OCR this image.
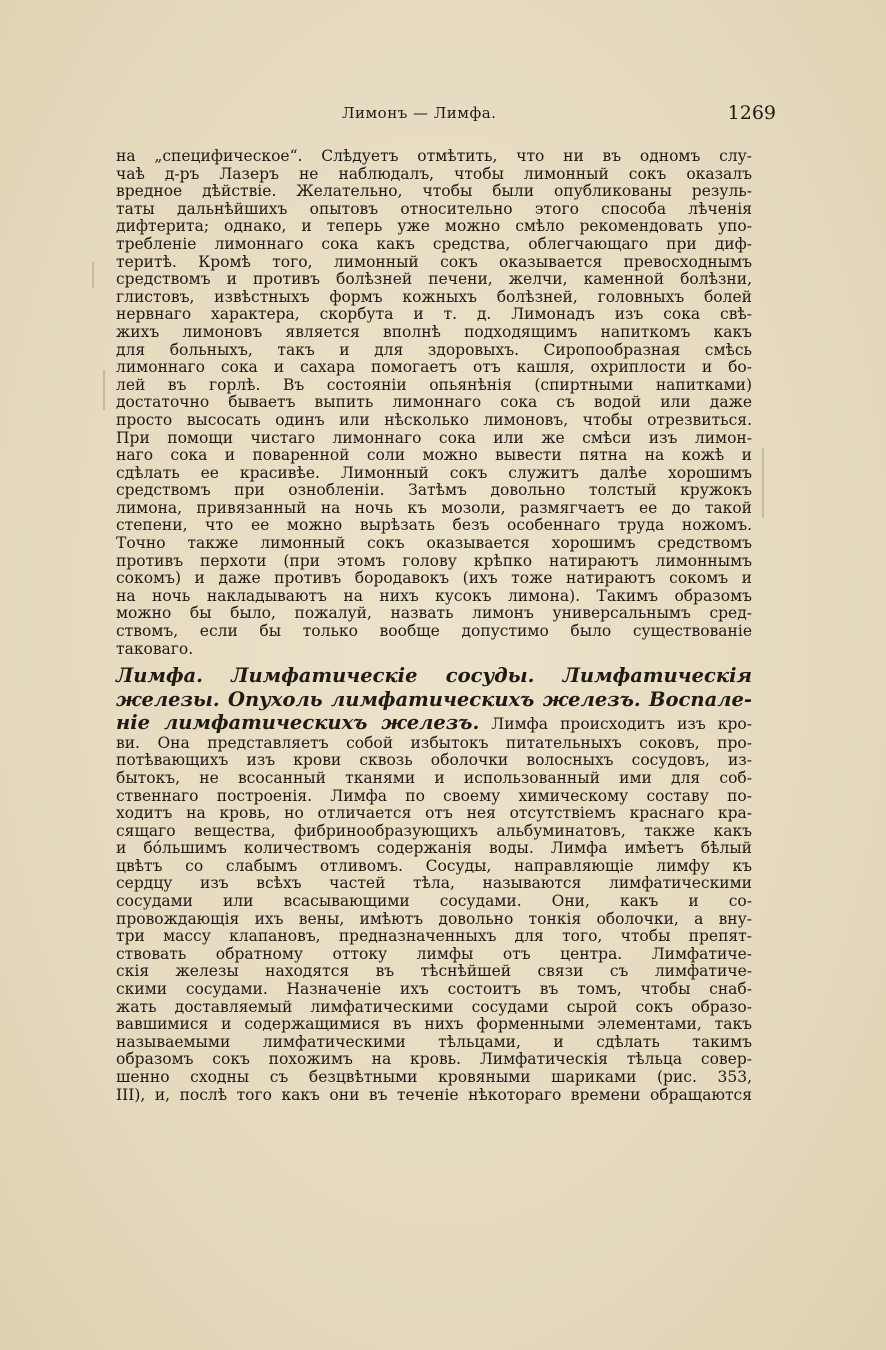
Лимонъ — Лимфа.	1269
на „специфическое“. Слѣдуетъ отмѣтить, что ни въ одномъ слу-
чаѣ д-ръ Лазеръ не наблюдалъ, чтобы лимонный сокъ оказалъ
вредное дѣйствіе. Желательно, чтобы были опубликованы резуль-
таты дальнѣйшихъ опытовъ относительно этого способа лѣченія
дифтерита; однако, и теперь уже можно смѣло рекомендовать упо-
требленіе лимоннаго сока какъ средства, облегчающаго при диф-
теритѣ. Кромѣ того, лимонный сокъ оказывается превосходнымъ
средствомъ и противъ болѣзней печени, желчи, каменной болѣзни,
глистовъ, извѣстныхъ формъ кожныхъ болѣзней, головныхъ болей
нервнаго характера, скорбута и т. д. Лимонадъ изъ сока свѣ-
жихъ лимоновъ является вполнѣ подходящимъ напиткомъ какъ
для больныхъ, такъ и для здоровыхъ. Сиропообразная смѣсь
лимоннаго сока и сахара помогаетъ отъ кашля, охриплости и бо-
лей въ горлѣ. Въ состояніи опьянѣнія (спиртными напитками)
достаточно бываетъ выпить лимоннаго сока съ водой или даже
просто высосать одинъ или нѣсколько лимоновъ, чтобы отрезвиться.
При помощи чистаго лимоннаго сока или же смѣси изъ лимон-
наго сока и поваренной соли можно вывести пятна на кожѣ и
сдѣлать ее красивѣе. Лимонный сокъ служитъ далѣе хорошимъ
средствомъ при ознобленіи. Затѣмъ довольно толстый кружокъ
лимона, привязанный на ночь къ мозоли, размягчаетъ ее до такой
степени, что ее можно вырѣзать безъ особеннаго труда ножомъ.
Точно также лимонный сокъ оказывается хорошимъ средствомъ
противъ перхоти (при этомъ голову крѣпко натираютъ лимоннымъ
сокомъ) и даже противъ бородавокъ (ихъ тоже натираютъ сокомъ и
на ночь накладываютъ на нихъ кусокъ лимона). Такимъ образомъ
можно бы было, пожалуй, назвать лимонъ универсальнымъ сред-
ствомъ, если бы только вообще допустимо было существованіе
таковаго.
Лимфа. Лимфатическіе сосуды. Лимфатическія
железы. Опухоль лимфатическихъ железъ. Воспале-
ніе лимфатическихъ железъ. Лимфа происходитъ изъ кро-
ви. Она представляетъ собой избытокъ питательныхъ соковъ, про-
потѣвающихъ изъ крови сквозь оболочки волосныхъ сосудовъ, из-
бытокъ, не всосанный тканями и использованный ими для соб-
ственнаго построенія. Лимфа по своему химическому составу по-
ходитъ на кровь, но отличается отъ нея отсутствіемъ краснаго кра-
сящаго вещества, фибринообразующихъ альбуминатовъ, также какъ
и бо́льшимъ количествомъ содержанія воды. Лимфа имѣетъ бѣлый
цвѣтъ со слабымъ отливомъ. Сосуды, направляющіе лимфу къ
сердцу изъ всѣхъ частей тѣла, называются лимфатическими
сосудами или всасывающими сосудами. Они, какъ и со-
провождающія ихъ вены, имѣютъ довольно тонкія оболочки, а вну-
три массу клапановъ, предназначенныхъ для того, чтобы препят-
ствовать обратному оттоку лимфы отъ центра. Лимфатиче-
скія железы находятся въ тѣснѣйшей связи съ лимфатиче-
скими сосудами. Назначеніе ихъ состоитъ въ томъ, чтобы снаб-
жать доставляемый лимфатическими сосудами сырой сокъ образо-
вавшимися и содержащимися въ нихъ форменными элементами, такъ
называемыми лимфатическими тѣльцами, и сдѣлать такимъ
образомъ сокъ похожимъ на кровь. Лимфатическія тѣльца совер-
шенно сходны съ безцвѣтными кровяными шариками (рис. 353,
III), и, послѣ того какъ они въ теченіе нѣкотораго времени обращаются
